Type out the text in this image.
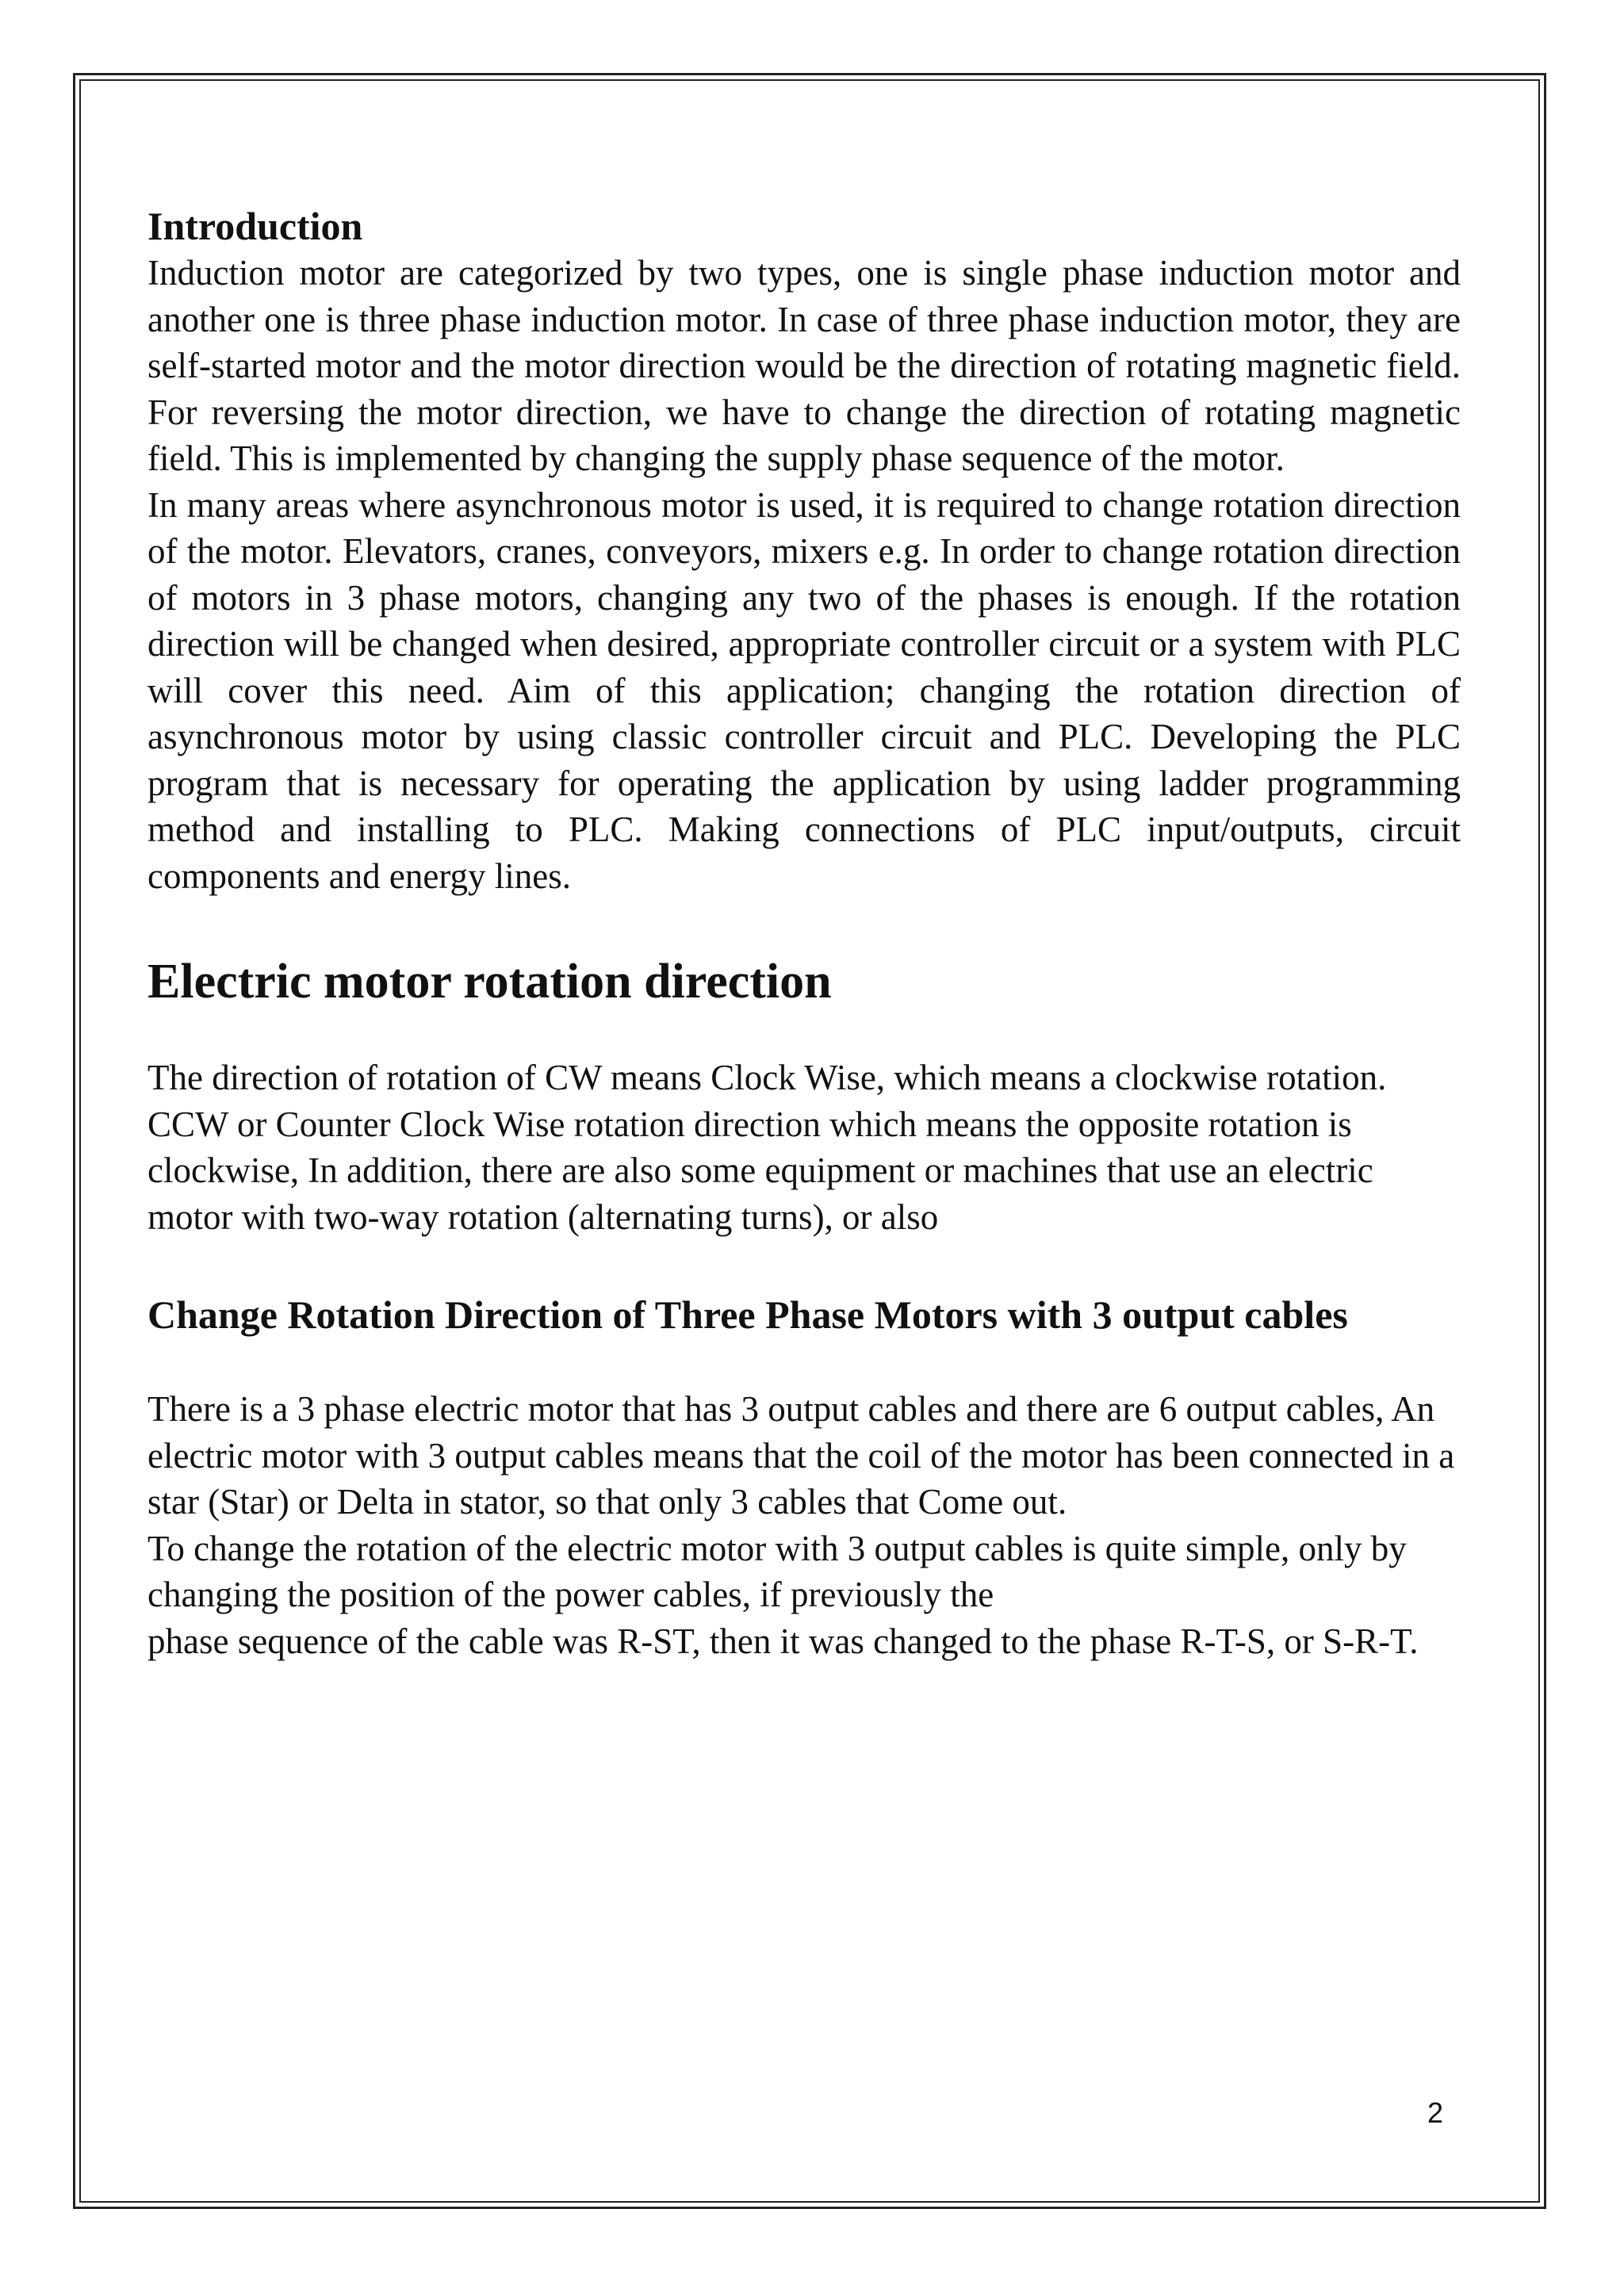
Introduction

Induction motor are categorized by two types, one is single phase induction motor and another one is three phase induction motor. In case of three phase induction motor, they are self-started motor and the motor direction would be the direction of rotating magnetic field. For reversing the motor direction, we have to change the direction of rotating magnetic field. This is implemented by changing the supply phase sequence of the motor.

In many areas where asynchronous motor is used, it is required to change rotation direction of the motor. Elevators, cranes, conveyors, mixers e.g. In order to change rotation direction of motors in 3 phase motors, changing any two of the phases is enough. If the rotation direction will be changed when desired, appropriate controller circuit or a system with PLC will cover this need. Aim of this application; changing the rotation direction of asynchronous motor by using classic controller circuit and PLC. Developing the PLC program that is necessary for operating the application by using ladder programming method and installing to PLC. Making connections of PLC input/outputs, circuit components and energy lines.

Electric motor rotation direction

The direction of rotation of CW means Clock Wise, which means a clockwise rotation.

CCW or Counter Clock Wise rotation direction which means the opposite rotation is clockwise, In addition, there are also some equipment or machines that use an electric motor with two-way rotation (alternating turns), or also

Change Rotation Direction of Three Phase Motors with 3 output cables

There is a 3 phase electric motor that has 3 output cables and there are 6 output cables, An electric motor with 3 output cables means that the coil of the motor has been connected in a star (Star) or Delta in stator, so that only 3 cables that Come out.

To change the rotation of the electric motor with 3 output cables is quite simple, only by changing the position of the power cables, if previously the
phase sequence of the cable was R-ST, then it was changed to the phase R-T-S, or S-R-T.

2
